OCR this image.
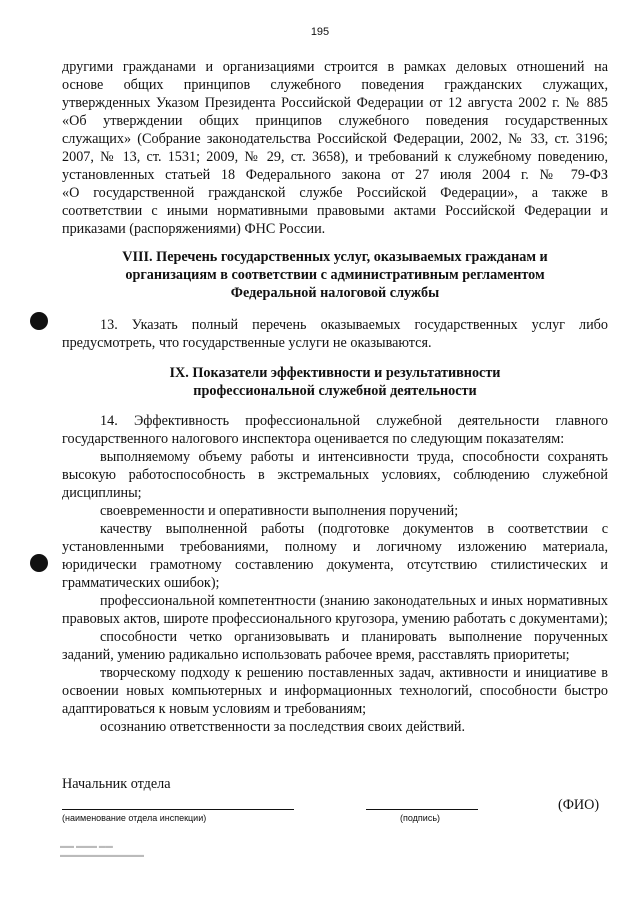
195
другими гражданами и организациями строится в рамках деловых отношений на
основе общих принципов служебного поведения гражданских служащих,
утвержденных Указом Президента Российской Федерации от 12 августа 2002 г. № 885
«Об утверждении общих принципов служебного поведения государственных
служащих» (Собрание законодательства Российской Федерации, 2002, № 33, ст. 3196;
2007, № 13, ст. 1531; 2009, № 29, ст. 3658), и требований к служебному поведению,
установленных статьей 18 Федерального закона от 27 июля 2004 г. № 79-ФЗ
«О государственной гражданской службе Российской Федерации», а также в
соответствии с иными нормативными правовыми актами Российской Федерации и
приказами (распоряжениями) ФНС России.
VIII. Перечень государственных услуг, оказываемых гражданам и
организациям в соответствии с административным регламентом
Федеральной налоговой службы
13. Указать полный перечень оказываемых государственных услуг либо предусмотреть, что государственные услуги не оказываются.
IX. Показатели эффективности и результативности
профессиональной служебной деятельности
14. Эффективность профессиональной служебной деятельности главного государственного налогового инспектора оценивается по следующим показателям:
выполняемому объему работы и интенсивности труда, способности сохранять высокую работоспособность в экстремальных условиях, соблюдению служебной дисциплины;
своевременности и оперативности выполнения поручений;
качеству выполненной работы (подготовке документов в соответствии с установленными требованиями, полному и логичному изложению материала, юридически грамотному составлению документа, отсутствию стилистических и грамматических ошибок);
профессиональной компетентности (знанию законодательных и иных нормативных правовых актов, широте профессионального кругозора, умению работать с документами);
способности четко организовывать и планировать выполнение порученных заданий, умению радикально использовать рабочее время, расставлять приоритеты;
творческому подходу к решению поставленных задач, активности и инициативе в освоении новых компьютерных и информационных технологий, способности быстро адаптироваться к новым условиям и требованиям;
осознанию ответственности за последствия своих действий.
Начальник отдела
(наименование отдела инспекции)	(подпись)
(ФИО)
▬▬ ▬▬▬ ▬▬
▬▬▬▬▬▬▬▬▬▬▬▬
